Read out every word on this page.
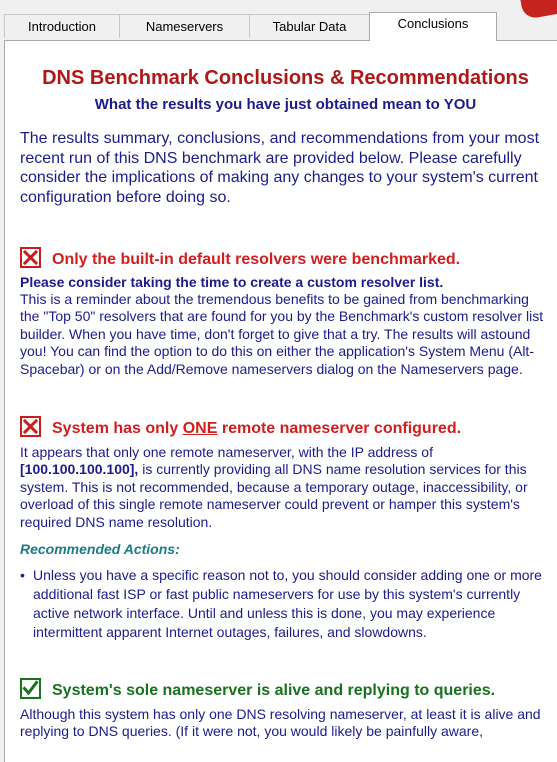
Introduction	Nameservers	Tabular Data	Conclusions
DNS Benchmark Conclusions & Recommendations
What the results you have just obtained mean to YOU
The results summary, conclusions, and recommendations from your most recent run of this DNS benchmark are provided below. Please carefully consider the implications of making any changes to your system's current configuration before doing so.
Only the built-in default resolvers were benchmarked.
Please consider taking the time to create a custom resolver list.
This is a reminder about the tremendous benefits to be gained from benchmarking the "Top 50" resolvers that are found for you by the Benchmark's custom resolver list builder. When you have time, don't forget to give that a try. The results will astound you! You can find the option to do this on either the application's System Menu (Alt-Spacebar) or on the Add/Remove nameservers dialog on the Nameservers page.
System has only ONE remote nameserver configured.
It appears that only one remote nameserver, with the IP address of [100.100.100.100], is currently providing all DNS name resolution services for this system. This is not recommended, because a temporary outage, inaccessibility, or overload of this single remote nameserver could prevent or hamper this system's required DNS name resolution.
Recommended Actions:
• Unless you have a specific reason not to, you should consider adding one or more additional fast ISP or fast public nameservers for use by this system's currently active network interface. Until and unless this is done, you may experience intermittent apparent Internet outages, failures, and slowdowns.
System's sole nameserver is alive and replying to queries.
Although this system has only one DNS resolving nameserver, at least it is alive and replying to DNS queries. (If it were not, you would likely be painfully aware,
